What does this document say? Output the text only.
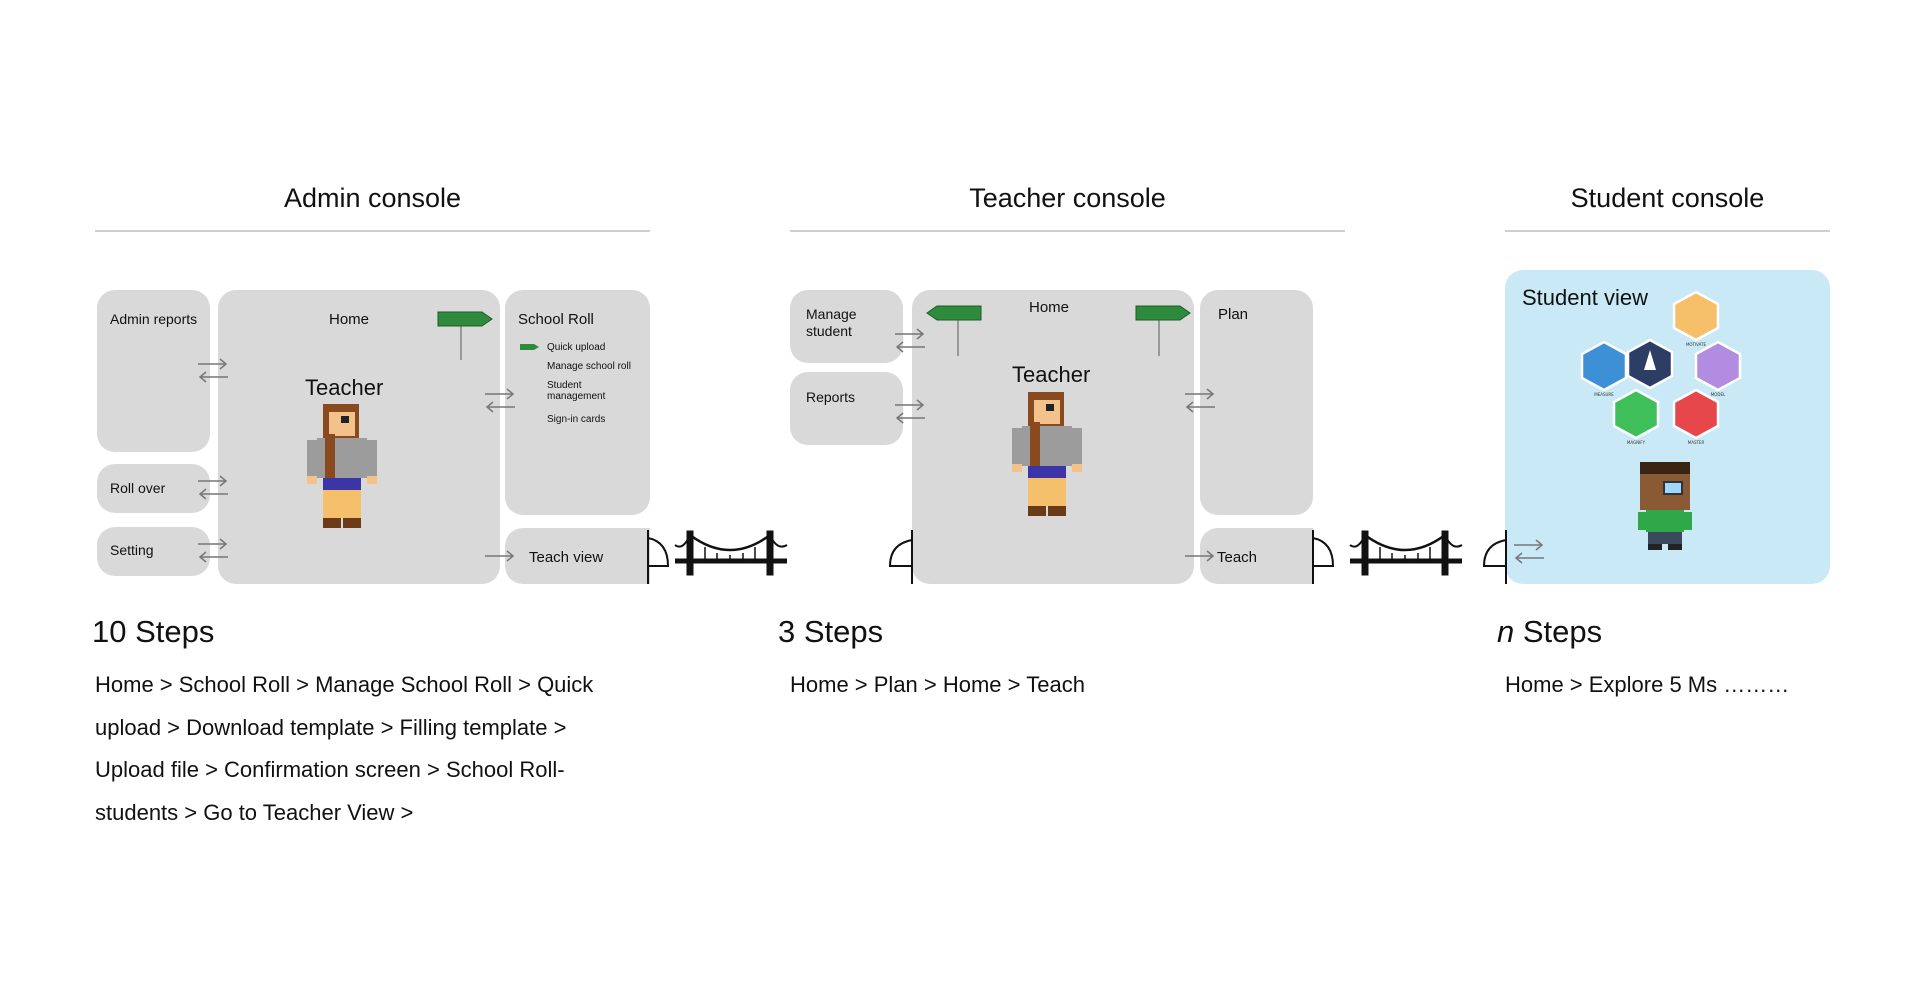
Admin console
Admin reports
Roll over
Setting
Home
Teacher
School Roll
Quick upload
Manage school roll
Student
management
Sign-in cards
Teach view
10 Steps
Home > School Roll > Manage School Roll > Quick upload > Download template > Filling template > Upload file > Confirmation screen > School Roll-students > Go to Teacher View >
Teacher console
Manage
student
Reports
Home
Teacher
Plan
Teach
3 Steps
Home > Plan > Home > Teach
Student console
Student view
MOTIVATE
MEASURE	MODEL
MAGNIFY	MASTER
n Steps
Home > Explore 5 Ms ………
